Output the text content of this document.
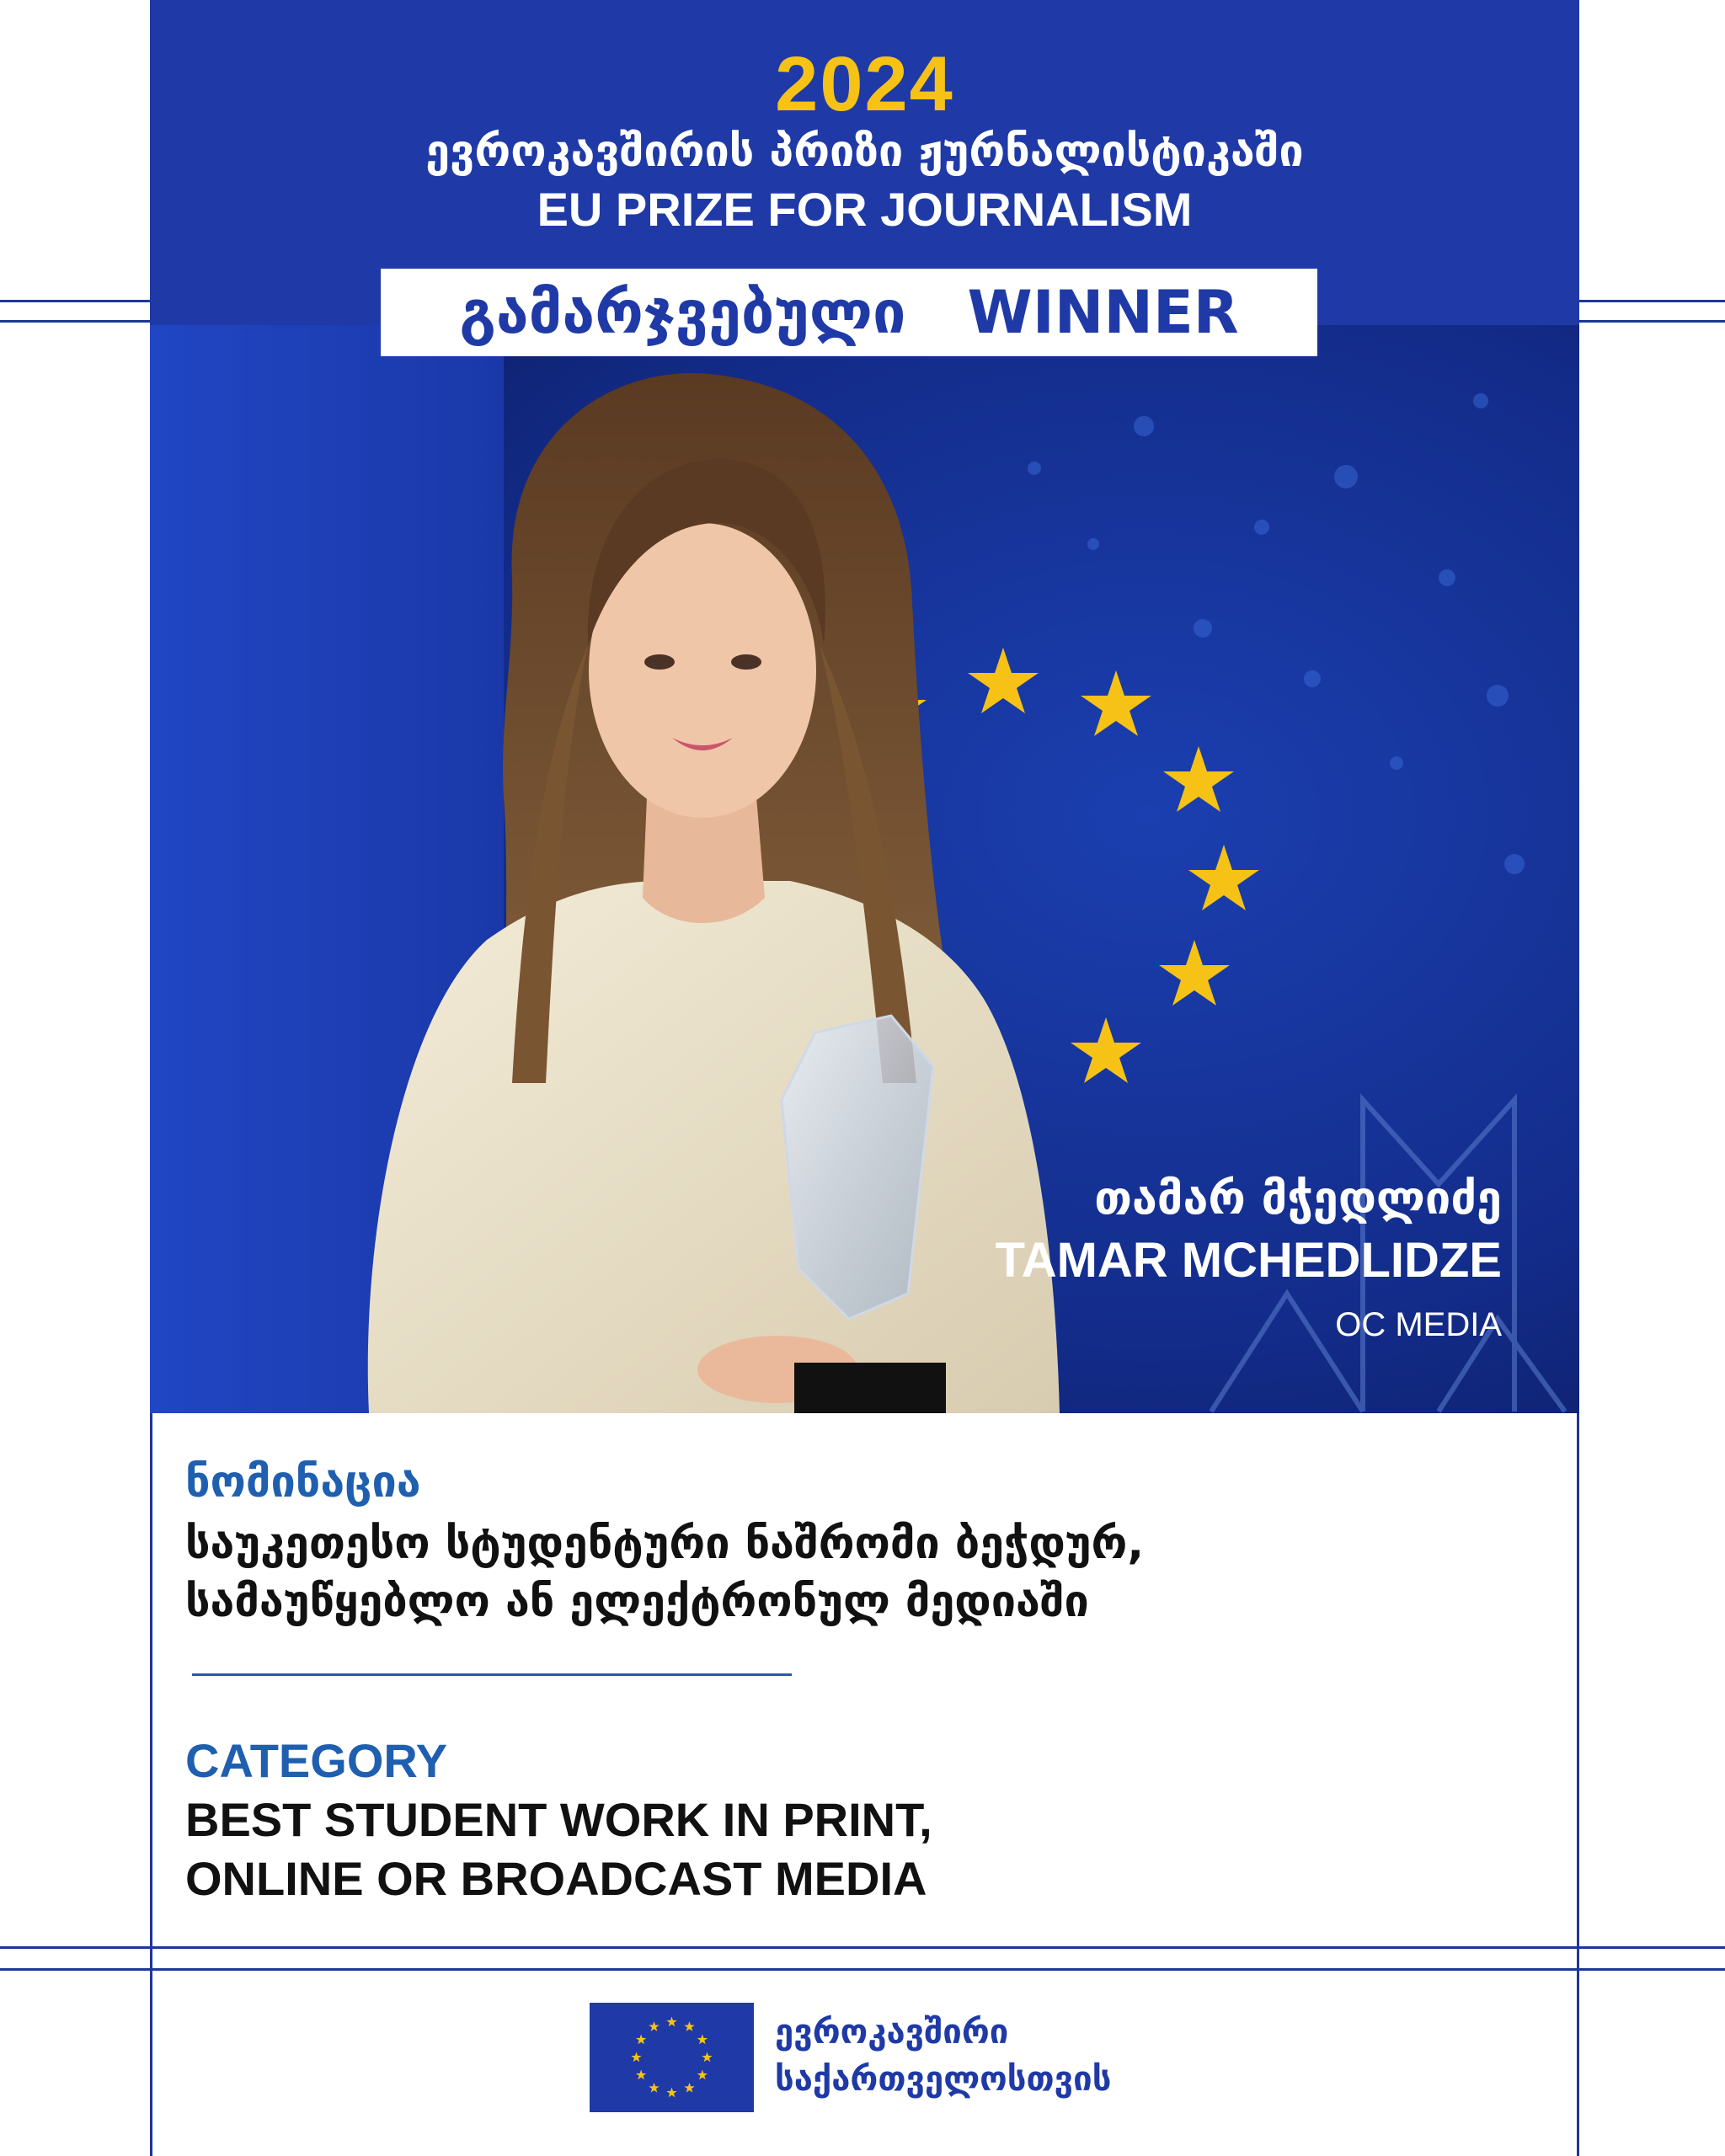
2024
ევროკავშირის პრიზი ჟურნალისტიკაში
EU PRIZE FOR JOURNALISM
თამარ მჭედლიძე
TAMAR MCHEDLIDZE
OC MEDIA
გამარჯვებული   WINNER
ნომინაცია
საუკეთესო სტუდენტური ნაშრომი ბეჭდურ,
სამაუწყებლო ან ელექტრონულ მედიაში
CATEGORY
BEST STUDENT WORK IN PRINT,
ONLINE OR BROADCAST MEDIA
ევროკავშირი
საქართველოსთვის
